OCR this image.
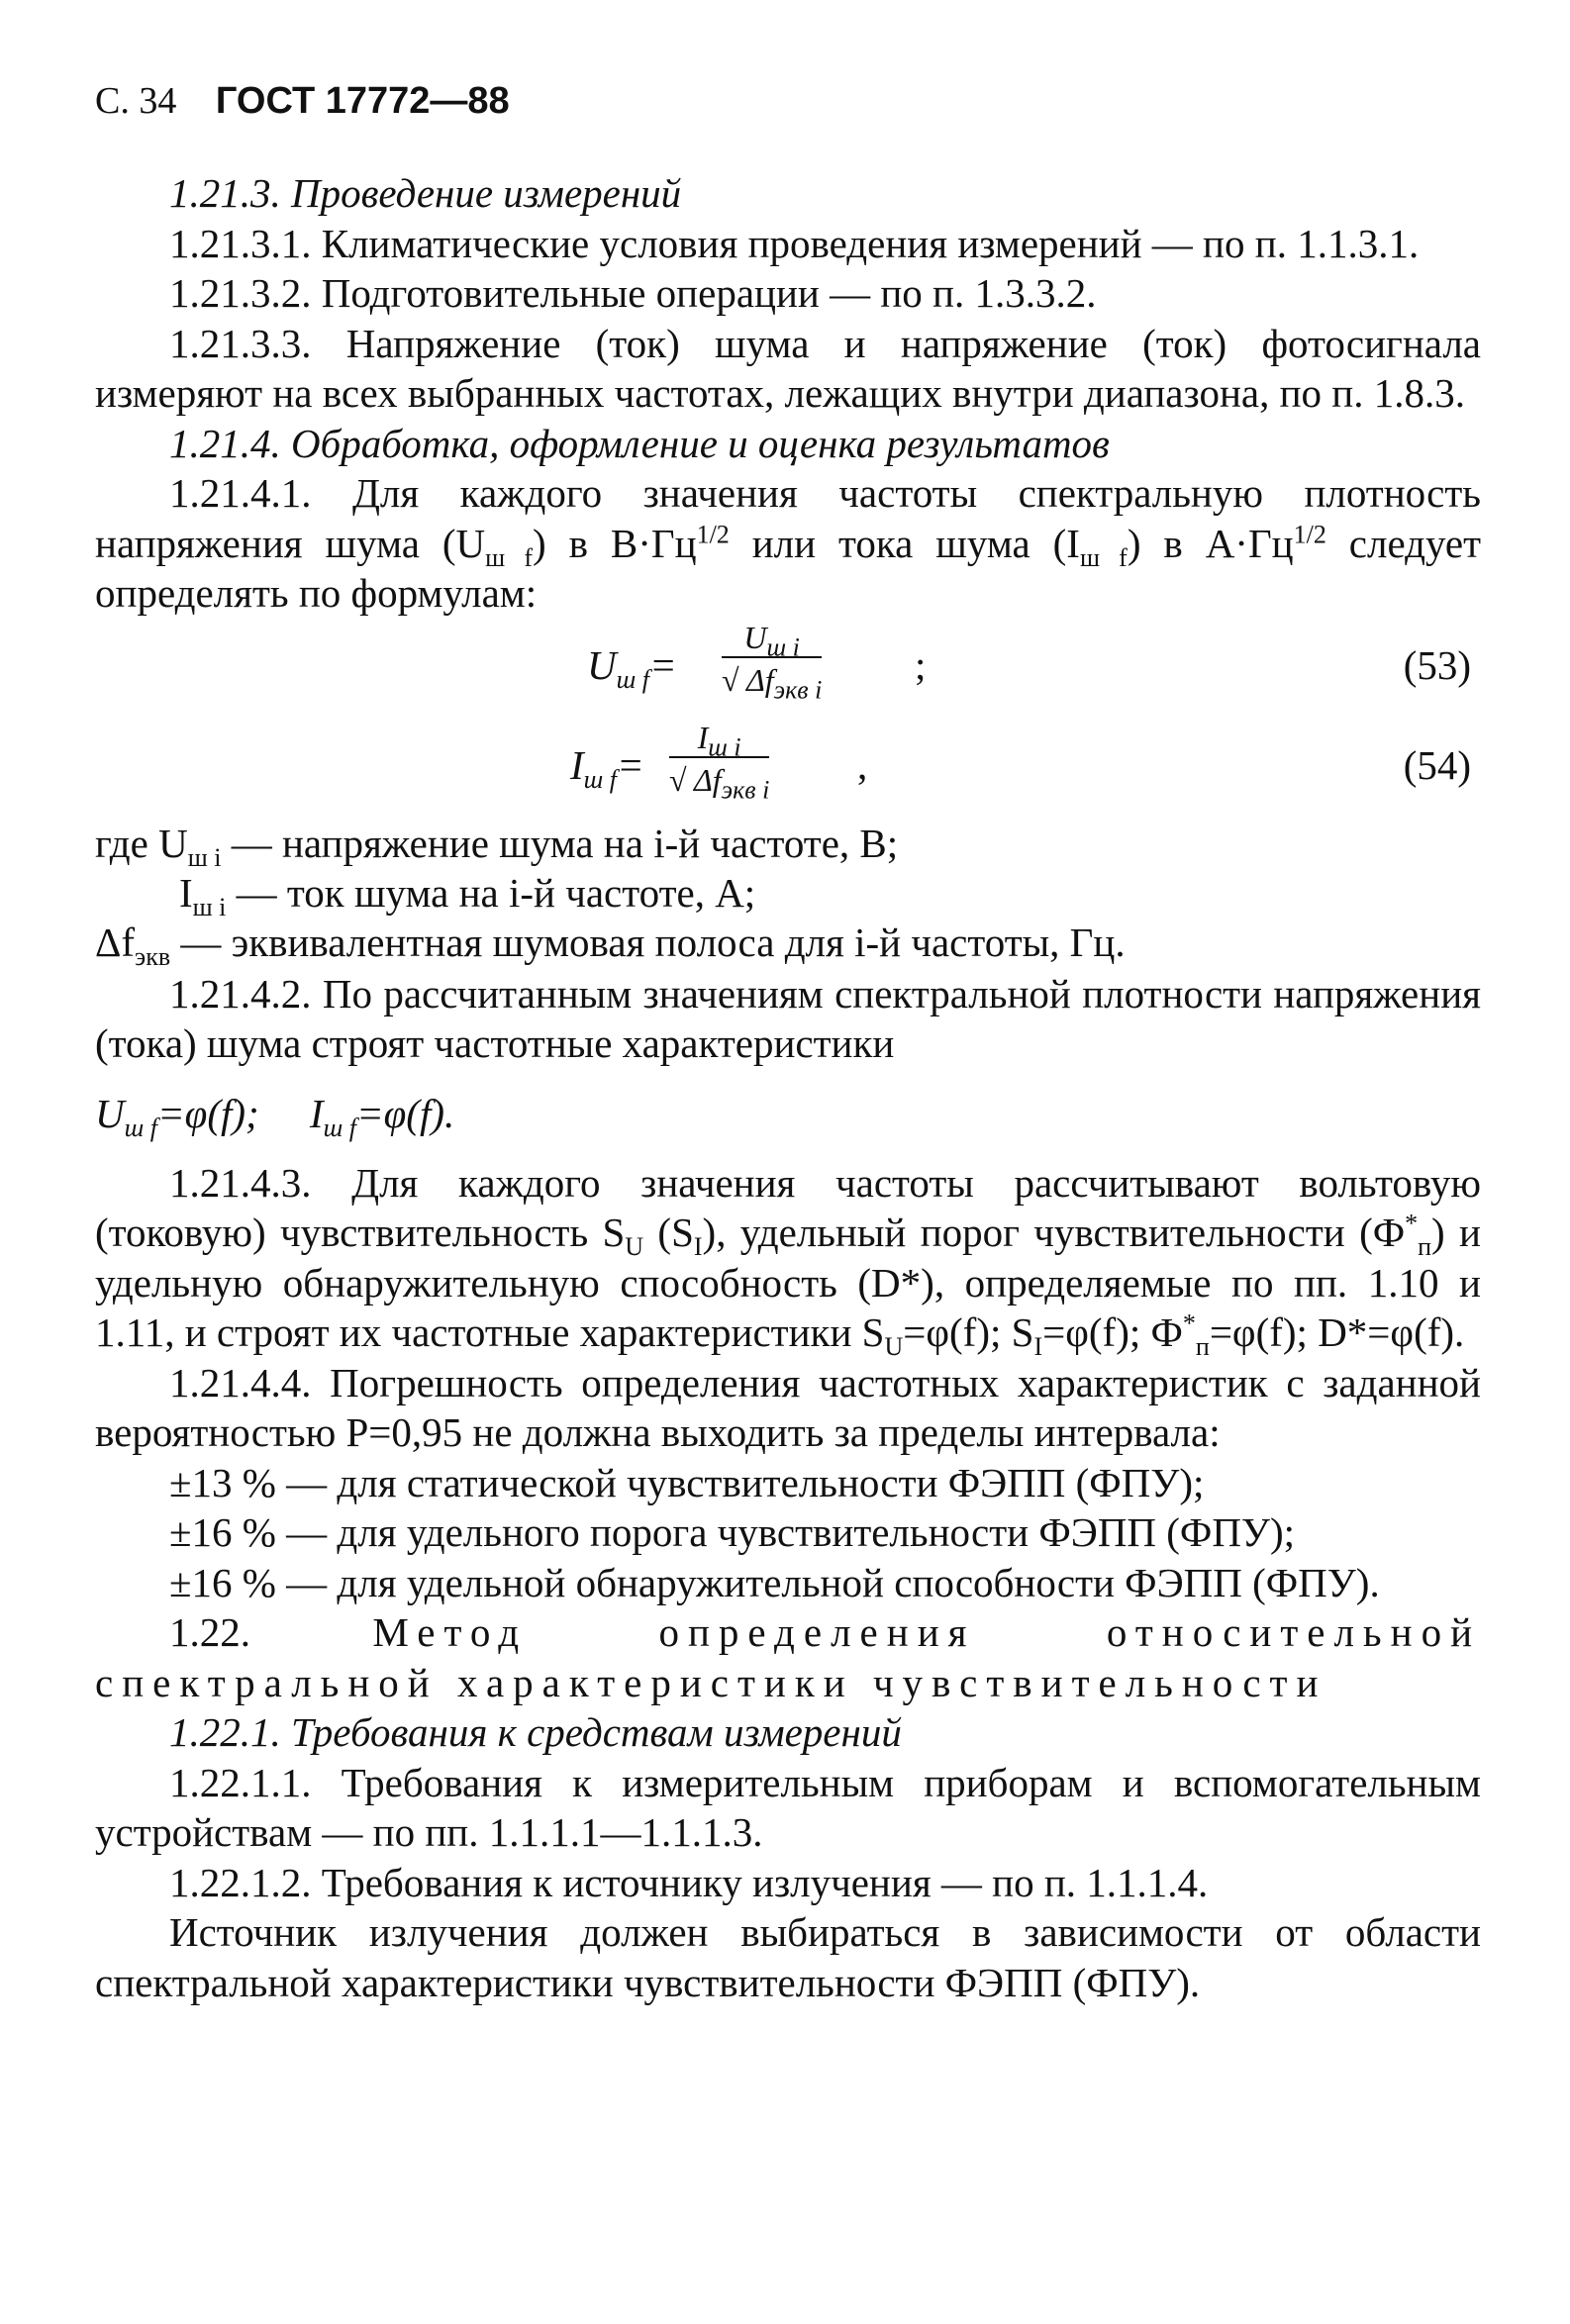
С. 34 ГОСТ 17772—88

1.21.3. Проведение измерений

1.21.3.1. Климатические условия проведения измерений — по п. 1.1.3.1.

1.21.3.2. Подготовительные операции — по п. 1.3.3.2.

1.21.3.3. Напряжение (ток) шума и напряжение (ток) фотосигнала измеряют на всех выбранных частотах, лежащих внутри диапазона, по п. 1.8.3.

1.21.4. Обработка, оформление и оценка результатов

1.21.4.1. Для каждого значения частоты спектральную плотность напряжения шума $(U_{ш f})$ в $В\cdot Гц^{1/2}$ или тока шума $(I_{ш f})$ в $А\cdot Гц^{1/2}$ следует определять по формулам:

$U_{ш f}=$
$U_{ш i}$
√ $\Delta f_{экв i}$
;	(53)
$I_{ш f}=$
$I_{ш i}$
√ $\Delta f_{экв i}$
,	(54)
где $U_{ш i}$ — напряжение шума на i-й частоте, В;
$I_{ш i}$ — ток шума на i-й частоте, А;
$\Delta f_{экв}$ — эквивалентная шумовая полоса для i-й частоты, Гц.

1.21.4.2. По рассчитанным значениям спектральной плотности напряжения (тока) шума строят частотные характеристики

$U_{ш f}=\varphi(f)$; $I_{ш f}=\varphi(f)$.

1.21.4.3. Для каждого значения частоты рассчитывают вольтовую (токовую) чувствительность $S_U$ $(S_I)$, удельный порог чувствительности $(Ф^*_п)$ и удельную обнаружительную способность (D*), определяемые по пп. 1.10 и 1.11, и строят их частотные характеристики $S_U=\varphi(f)$; $S_I=\varphi(f)$; $Ф^*_п=\varphi(f)$; D*=φ(f).

1.21.4.4. Погрешность определения частотных характеристик с заданной вероятностью P=0,95 не должна выходить за пределы интервала:

±13 % — для статической чувствительности ФЭПП (ФПУ);

±16 % — для удельного порога чувствительности ФЭПП (ФПУ);

±16 % — для удельной обнаружительной способности ФЭПП (ФПУ).

1.22.	Метод определения относительной спектральной характеристики чувствительности

1.22.1. Требования к средствам измерений

1.22.1.1. Требования к измерительным приборам и вспомогательным устройствам — по пп. 1.1.1.1—1.1.1.3.

1.22.1.2. Требования к источнику излучения — по п. 1.1.1.4.

Источник излучения должен выбираться в зависимости от области спектральной характеристики чувствительности ФЭПП (ФПУ).
